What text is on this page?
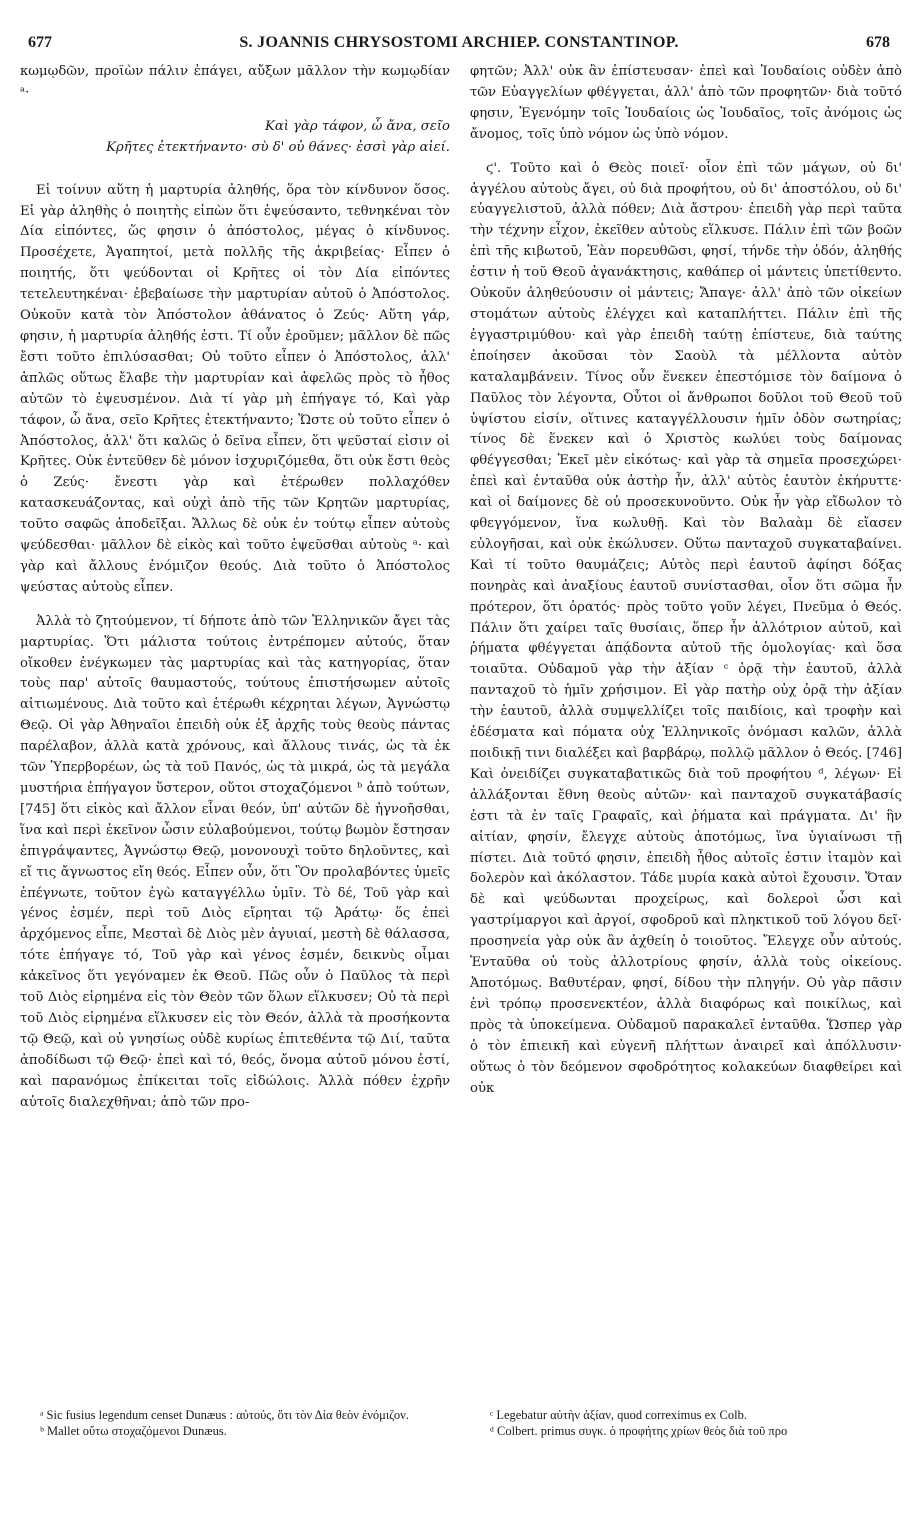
677	S. JOANNIS CHRYSOSTOMI ARCHIEP. CONSTANTINOP.	678

κωμῳδῶν, προϊὼν πάλιν ἐπάγει, αὔξων μᾶλλον τὴν κωμῳδίαν ᵃ·

Καὶ γὰρ τάφον, ὦ ἄνα, σεῖο
Κρῆτες ἐτεκτήναντο· σὺ δ' οὐ θάνες· ἐσσὶ γὰρ αἰεί.

Εἰ τοίνυν αὕτη ἡ μαρτυρία ἀληθής, ὅρα τὸν κίνδυνον ὅσος. Εἰ γὰρ ἀληθὴς ὁ ποιητὴς εἰπὼν ὅτι ἐψεύσαντο, τεθνηκέναι τὸν Δία εἰπόντες, ὥς φησιν ὁ ἀπόστολος, μέγας ὁ κίνδυνος. Προσέχετε, Ἀγαπητοί, μετὰ πολλῆς τῆς ἀκριβείας· Εἶπεν ὁ ποιητής, ὅτι ψεύδονται οἱ Κρῆτες οἱ τὸν Δία εἰπόντες τετελευτηκέναι· ἐβεβαίωσε τὴν μαρτυρίαν αὐτοῦ ὁ Ἀπόστολος. Οὐκοῦν κατὰ τὸν Ἀπόστολον ἀθάνατος ὁ Ζεύς· Αὕτη γάρ, φησιν, ἡ μαρτυρία ἀληθής ἐστι. Τί οὖν ἐροῦμεν; μᾶλλον δὲ πῶς ἔστι τοῦτο ἐπιλύσασθαι; Οὐ τοῦτο εἶπεν ὁ Ἀπόστολος, ἀλλ' ἁπλῶς οὕτως ἔλαβε τὴν μαρτυρίαν καὶ ἀφελῶς πρὸς τὸ ἦθος αὐτῶν τὸ ἐψευσμένον. Διὰ τί γὰρ μὴ ἐπήγαγε τό, Καὶ γὰρ τάφον, ὦ ἄνα, σεῖο Κρῆτες ἐτεκτήναντο; Ὥστε οὐ τοῦτο εἶπεν ὁ Ἀπόστολος, ἀλλ' ὅτι καλῶς ὁ δεῖνα εἶπεν, ὅτι ψεῦσταί εἰσιν οἱ Κρῆτες. Οὐκ ἐντεῦθεν δὲ μόνον ἰσχυριζόμεθα, ὅτι οὐκ ἔστι θεὸς ὁ Ζεύς· ἔνεστι γὰρ καὶ ἑτέρωθεν πολλαχόθεν κατασκευάζοντας, καὶ οὐχὶ ἀπὸ τῆς τῶν Κρητῶν μαρτυρίας, τοῦτο σαφῶς ἀποδεῖξαι. Ἄλλως δὲ οὐκ ἐν τούτῳ εἶπεν αὐτοὺς ψεύδεσθαι· μᾶλλον δὲ εἰκὸς καὶ τοῦτο ἐψεῦσθαι αὐτοὺς ᵃ· καὶ γὰρ καὶ ἄλλους ἐνόμιζον θεούς. Διὰ τοῦτο ὁ Ἀπόστολος ψεύστας αὐτοὺς εἶπεν.

Ἀλλὰ τὸ ζητούμενον, τί δήποτε ἀπὸ τῶν Ἑλληνικῶν ἄγει τὰς μαρτυρίας. Ὅτι μάλιστα τούτοις ἐντρέπομεν αὐτούς, ὅταν οἴκοθεν ἐνέγκωμεν τὰς μαρτυρίας καὶ τὰς κατηγορίας, ὅταν τοὺς παρ' αὐτοῖς θαυμαστούς, τούτους ἐπιστήσωμεν αὐτοῖς αἰτιωμένους. Διὰ τοῦτο καὶ ἑτέρωθι κέχρηται λέγων, Ἀγνώστῳ Θεῷ. Οἱ γὰρ Ἀθηναῖοι ἐπειδὴ οὐκ ἐξ ἀρχῆς τοὺς θεοὺς πάντας παρέλαβον, ἀλλὰ κατὰ χρόνους, καὶ ἄλλους τινάς, ὡς τὰ ἐκ τῶν Ὑπερβορέων, ὡς τὰ τοῦ Πανός, ὡς τὰ μικρά, ὡς τὰ μεγάλα μυστήρια ἐπήγαγον ὕστερον, οὕτοι στοχαζόμενοι ᵇ ἀπὸ τούτων, [745] ὅτι εἰκὸς καὶ ἄλλον εἶναι θεόν, ὑπ' αὐτῶν δὲ ἠγνοῆσθαι, ἵνα καὶ περὶ ἐκεῖνον ὦσιν εὐλαβούμενοι, τούτῳ βωμὸν ἔστησαν ἐπιγράψαντες, Ἀγνώστῳ Θεῷ, μονονουχὶ τοῦτο δηλοῦντες, καὶ εἴ τις ἄγνωστος εἴη θεός. Εἶπεν οὖν, ὅτι Ὃν προλαβόντες ὑμεῖς ἐπέγνωτε, τοῦτον ἐγὼ καταγγέλλω ὑμῖν. Τὸ δέ, Τοῦ γὰρ καὶ γένος ἐσμέν, περὶ τοῦ Διὸς εἴρηται τῷ Ἀράτῳ· ὅς ἐπεὶ ἀρχόμενος εἶπε, Μεσταὶ δὲ Διὸς μὲν ἀγυιαί, μεστὴ δὲ θάλασσα, τότε ἐπήγαγε τό, Τοῦ γὰρ καὶ γένος ἐσμέν, δεικνὺς οἶμαι κἀκεῖνος ὅτι γεγόναμεν ἐκ Θεοῦ. Πῶς οὖν ὁ Παῦλος τὰ περὶ τοῦ Διὸς εἰρημένα εἰς τὸν Θεὸν τῶν ὅλων εἵλκυσεν; Οὐ τὰ περὶ τοῦ Διὸς εἰρημένα εἵλκυσεν εἰς τὸν Θεόν, ἀλλὰ τὰ προσήκοντα τῷ Θεῷ, καὶ οὐ γνησίως οὐδὲ κυρίως ἐπιτεθέντα τῷ Διί, ταῦτα ἀποδίδωσι τῷ Θεῷ· ἐπεὶ καὶ τό, θεός, ὄνομα αὐτοῦ μόνου ἐστί, καὶ παρανόμως ἐπίκειται τοῖς εἰδώλοις. Ἀλλὰ πόθεν ἐχρῆν αὐτοῖς διαλεχθῆναι; ἀπὸ τῶν προ-

φητῶν; Ἀλλ' οὐκ ἂν ἐπίστευσαν· ἐπεὶ καὶ Ἰουδαίοις οὐδὲν ἀπὸ τῶν Εὐαγγελίων φθέγγεται, ἀλλ' ἀπὸ τῶν προφητῶν· διὰ τοῦτό φησιν, Ἐγενόμην τοῖς Ἰουδαίοις ὡς Ἰουδαῖος, τοῖς ἀνόμοις ὡς ἄνομος, τοῖς ὑπὸ νόμον ὡς ὑπὸ νόμον.

ϛ'. Τοῦτο καὶ ὁ Θεὸς ποιεῖ· οἷον ἐπὶ τῶν μάγων, οὐ δι' ἀγγέλου αὐτοὺς ἄγει, οὐ διὰ προφήτου, οὐ δι' ἀποστόλου, οὐ δι' εὐαγγελιστοῦ, ἀλλὰ πόθεν; Διὰ ἄστρου· ἐπειδὴ γὰρ περὶ ταῦτα τὴν τέχνην εἶχον, ἐκεῖθεν αὐτοὺς εἵλκυσε. Πάλιν ἐπὶ τῶν βοῶν ἐπὶ τῆς κιβωτοῦ, Ἐὰν πορευθῶσι, φησί, τήνδε τὴν ὁδόν, ἀληθής ἐστιν ἡ τοῦ Θεοῦ ἀγανάκτησις, καθάπερ οἱ μάντεις ὑπετίθεντο. Οὐκοῦν ἀληθεύουσιν οἱ μάντεις; Ἄπαγε· ἀλλ' ἀπὸ τῶν οἰκείων στομάτων αὐτοὺς ἐλέγχει καὶ καταπλήττει. Πάλιν ἐπὶ τῆς ἐγγαστριμύθου· καὶ γὰρ ἐπειδὴ ταύτῃ ἐπίστευε, διὰ ταύτης ἐποίησεν ἀκοῦσαι τὸν Σαοὺλ τὰ μέλλοντα αὐτὸν καταλαμβάνειν. Τίνος οὖν ἕνεκεν ἐπεστόμισε τὸν δαίμονα ὁ Παῦλος τὸν λέγοντα, Οὗτοι οἱ ἄνθρωποι δοῦλοι τοῦ Θεοῦ τοῦ ὑψίστου εἰσίν, οἵτινες καταγγέλλουσιν ἡμῖν ὁδὸν σωτηρίας; τίνος δὲ ἕνεκεν καὶ ὁ Χριστὸς κωλύει τοὺς δαίμονας φθέγγεσθαι; Ἐκεῖ μὲν εἰκότως· καὶ γὰρ τὰ σημεῖα προσεχώρει· ἐπεὶ καὶ ἐνταῦθα οὐκ ἀστὴρ ἦν, ἀλλ' αὐτὸς ἑαυτὸν ἐκήρυττε· καὶ οἱ δαίμονες δὲ οὐ προσεκυνοῦντο. Οὐκ ἦν γὰρ εἴδωλον τὸ φθεγγόμενον, ἵνα κωλυθῇ. Καὶ τὸν Βαλαὰμ δὲ εἴασεν εὐλογῆσαι, καὶ οὐκ ἐκώλυσεν. Οὕτω πανταχοῦ συγκαταβαίνει. Καὶ τί τοῦτο θαυμάζεις; Αὐτὸς περὶ ἑαυτοῦ ἀφίησι δόξας πονηρὰς καὶ ἀναξίους ἑαυτοῦ συνίστασθαι, οἷον ὅτι σῶμα ἦν πρότερον, ὅτι ὁρατός· πρὸς τοῦτο γοῦν λέγει, Πνεῦμα ὁ Θεός. Πάλιν ὅτι χαίρει ταῖς θυσίαις, ὅπερ ἦν ἀλλότριον αὐτοῦ, καὶ ῥήματα φθέγγεται ἀπᾴδοντα αὐτοῦ τῆς ὁμολογίας· καὶ ὅσα τοιαῦτα. Οὐδαμοῦ γὰρ τὴν ἀξίαν ᶜ ὁρᾷ τὴν ἑαυτοῦ, ἀλλὰ πανταχοῦ τὸ ἡμῖν χρήσιμον. Εἰ γὰρ πατὴρ οὐχ ὁρᾷ τὴν ἀξίαν τὴν ἑαυτοῦ, ἀλλὰ συμψελλίζει τοῖς παιδίοις, καὶ τροφὴν καὶ ἐδέσματα καὶ πόματα οὐχ Ἑλληνικοῖς ὀνόμασι καλῶν, ἀλλὰ ποιδικῇ τινι διαλέξει καὶ βαρβάρῳ, πολλῷ μᾶλλον ὁ Θεός. [746] Καὶ ὀνειδίζει συγκαταβατικῶς διὰ τοῦ προφήτου ᵈ, λέγων· Εἰ ἀλλάξονται ἔθνη θεοὺς αὐτῶν· καὶ πανταχοῦ συγκατάβασίς ἐστι τὰ ἐν ταῖς Γραφαῖς, καὶ ῥήματα καὶ πράγματα. Δι' ἣν αἰτίαν, φησίν, ἔλεγχε αὐτοὺς ἀποτόμως, ἵνα ὑγιαίνωσι τῇ πίστει. Διὰ τοῦτό φησιν, ἐπειδὴ ἦθος αὐτοῖς ἐστιν ἰταμὸν καὶ δολερὸν καὶ ἀκόλαστον. Τάδε μυρία κακὰ αὐτοὶ ἔχουσιν. Ὅταν δὲ καὶ ψεύδωνται προχείρως, καὶ δολεροὶ ὦσι καὶ γαστρίμαργοι καὶ ἀργοί, σφοδροῦ καὶ πληκτικοῦ τοῦ λόγου δεῖ· προσηνεία γὰρ οὐκ ἂν ἀχθείη ὁ τοιοῦτος. Ἔλεγχε οὖν αὐτούς. Ἐνταῦθα οὐ τοὺς ἀλλοτρίους φησίν, ἀλλὰ τοὺς οἰκείους. Ἀποτόμως. Βαθυτέραν, φησί, δίδου τὴν πληγήν. Οὐ γὰρ πᾶσιν ἑνὶ τρόπῳ προσενεκτέον, ἀλλὰ διαφόρως καὶ ποικίλως, καὶ πρὸς τὰ ὑποκείμενα. Οὐδαμοῦ παρακαλεῖ ἐνταῦθα. Ὥσπερ γὰρ ὁ τὸν ἐπιεικῆ καὶ εὐγενῆ πλήττων ἀναιρεῖ καὶ ἀπόλλυσιν· οὕτως ὁ τὸν δεόμενον σφοδρότητος κολακεύων διαφθείρει καὶ οὐκ

ᵃ Sic fusius legendum censet Dunæus : αὐτούς, ὅτι τὸν Δία θεὸν ἐνόμιζον.
ᵇ Mallet οὕτω στοχαζόμενοι Dunæus.
ᶜ Legebatur αὐτὴν ἀξίαν, quod correximus ex Colb.
ᵈ Colbert. primus συγκ. ὁ προφήτης χρίων θεὸς διὰ τοῦ προ
